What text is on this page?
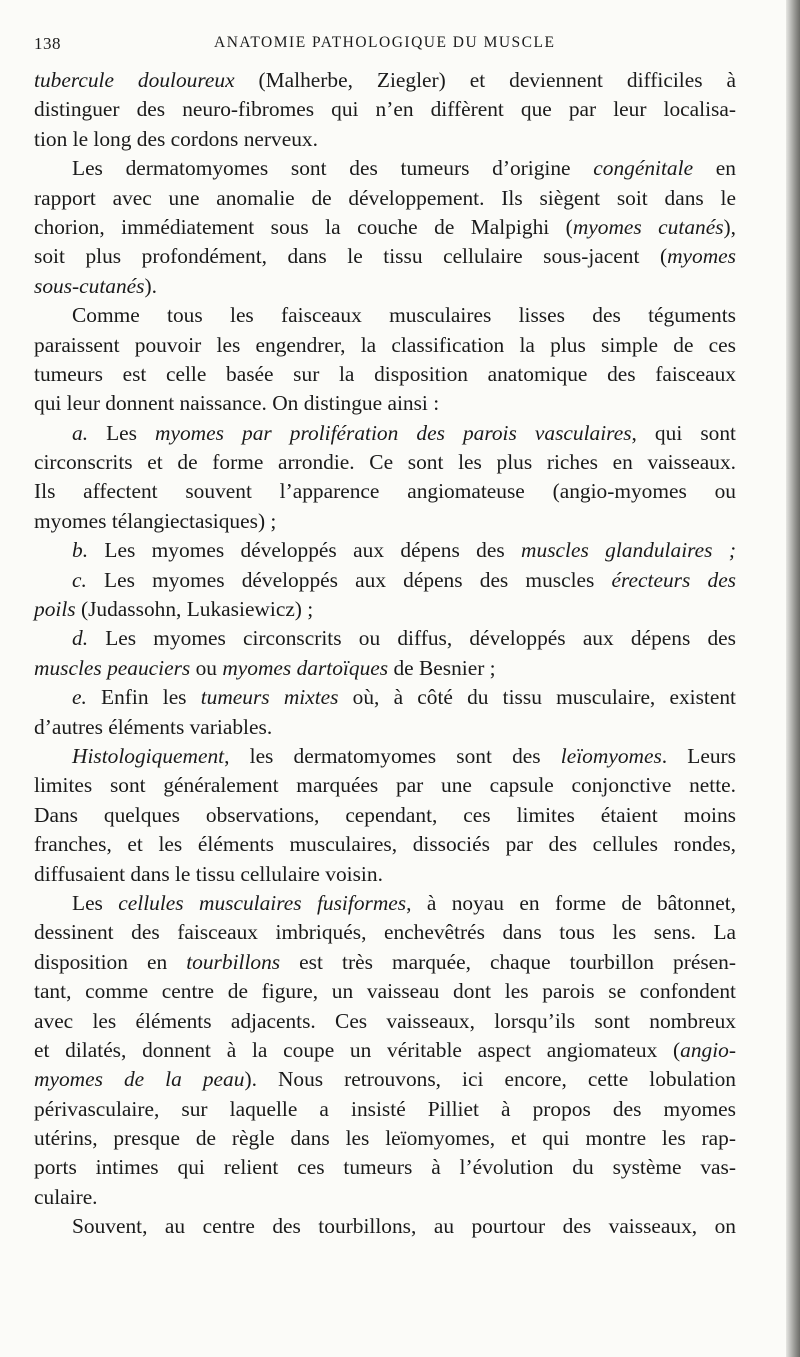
138	ANATOMIE PATHOLOGIQUE DU MUSCLE
tubercule douloureux (Malherbe, Ziegler) et deviennent difficiles à
distinguer des neuro-fibromes qui n’en diffèrent que par leur localisa-
tion le long des cordons nerveux.
Les dermatomyomes sont des tumeurs d’origine congénitale en
rapport avec une anomalie de développement. Ils siègent soit dans le
chorion, immédiatement sous la couche de Malpighi (myomes cutanés),
soit plus profondément, dans le tissu cellulaire sous-jacent (myomes
sous-cutanés).
Comme tous les faisceaux musculaires lisses des téguments
paraissent pouvoir les engendrer, la classification la plus simple de ces
tumeurs est celle basée sur la disposition anatomique des faisceaux
qui leur donnent naissance. On distingue ainsi :
a. Les myomes par prolifération des parois vasculaires, qui sont
circonscrits et de forme arrondie. Ce sont les plus riches en vaisseaux.
Ils affectent souvent l’apparence angiomateuse (angio-myomes ou
myomes télangiectasiques) ;
b. Les myomes développés aux dépens des muscles glandulaires ;
c. Les myomes développés aux dépens des muscles érecteurs des
poils (Judassohn, Lukasiewicz) ;
d. Les myomes circonscrits ou diffus, développés aux dépens des
muscles peauciers ou myomes dartoïques de Besnier ;
e. Enfin les tumeurs mixtes où, à côté du tissu musculaire, existent
d’autres éléments variables.
Histologiquement, les dermatomyomes sont des leïomyomes. Leurs
limites sont généralement marquées par une capsule conjonctive nette.
Dans quelques observations, cependant, ces limites étaient moins
franches, et les éléments musculaires, dissociés par des cellules rondes,
diffusaient dans le tissu cellulaire voisin.
Les cellules musculaires fusiformes, à noyau en forme de bâtonnet,
dessinent des faisceaux imbriqués, enchevêtrés dans tous les sens. La
disposition en tourbillons est très marquée, chaque tourbillon présen-
tant, comme centre de figure, un vaisseau dont les parois se confondent
avec les éléments adjacents. Ces vaisseaux, lorsqu’ils sont nombreux
et dilatés, donnent à la coupe un véritable aspect angiomateux (angio-
myomes de la peau). Nous retrouvons, ici encore, cette lobulation
périvasculaire, sur laquelle a insisté Pilliet à propos des myomes
utérins, presque de règle dans les leïomyomes, et qui montre les rap-
ports intimes qui relient ces tumeurs à l’évolution du système vas-
culaire.
Souvent, au centre des tourbillons, au pourtour des vaisseaux, on
